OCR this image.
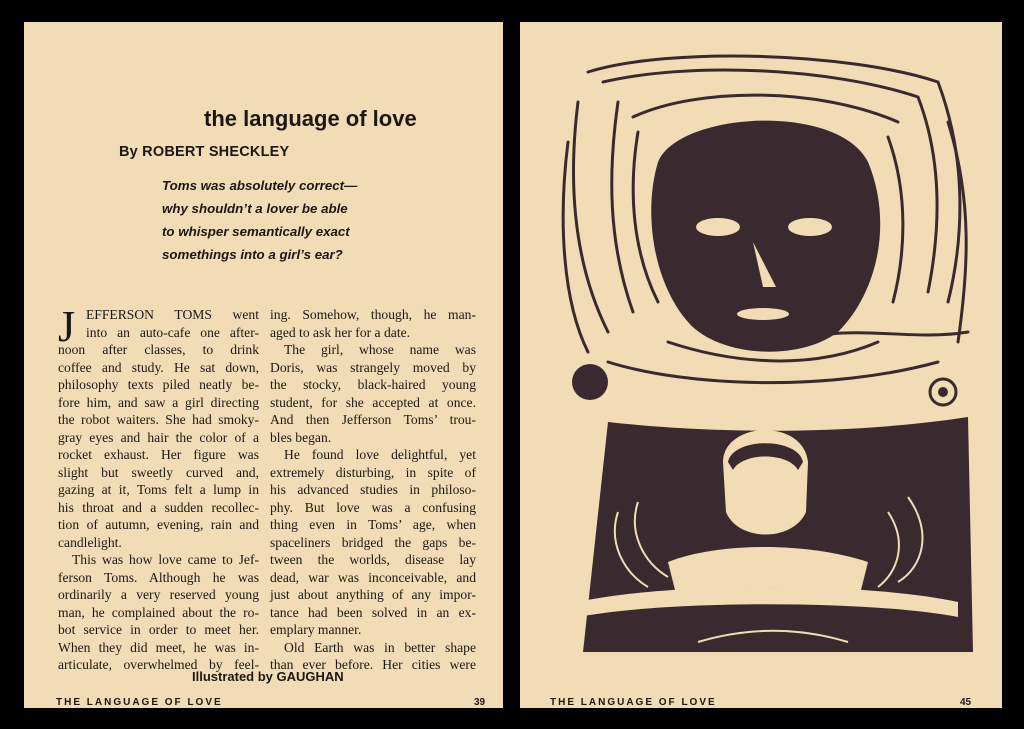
the language of love
By ROBERT SHECKLEY
Toms was absolutely correct—
why shouldn’t a lover be able
to whisper semantically exact
somethings into a girl’s ear?
J EFFERSON TOMS went
into an auto-cafe one after-
noon after classes, to drink
coffee and study. He sat down,
philosophy texts piled neatly be-
fore him, and saw a girl directing
the robot waiters. She had smoky-
gray eyes and hair the color of a
rocket exhaust. Her figure was
slight but sweetly curved and,
gazing at it, Toms felt a lump in
his throat and a sudden recollec-
tion of autumn, evening, rain and
candlelight.
This was how love came to Jef-
ferson Toms. Although he was
ordinarily a very reserved young
man, he complained about the ro-
bot service in order to meet her.
When they did meet, he was in-
articulate, overwhelmed by feel-
ing. Somehow, though, he man-
aged to ask her for a date.
The girl, whose name was
Doris, was strangely moved by
the stocky, black-haired young
student, for she accepted at once.
And then Jefferson Toms’ trou-
bles began.
He found love delightful, yet
extremely disturbing, in spite of
his advanced studies in philoso-
phy. But love was a confusing
thing even in Toms’ age, when
spaceliners bridged the gaps be-
tween the worlds, disease lay
dead, war was inconceivable, and
just about anything of any impor-
tance had been solved in an ex-
emplary manner.
Old Earth was in better shape
than ever before. Her cities were
Illustrated by GAUGHAN
THE LANGUAGE OF LOVE	39	THE LANGUAGE OF LOVE	45
